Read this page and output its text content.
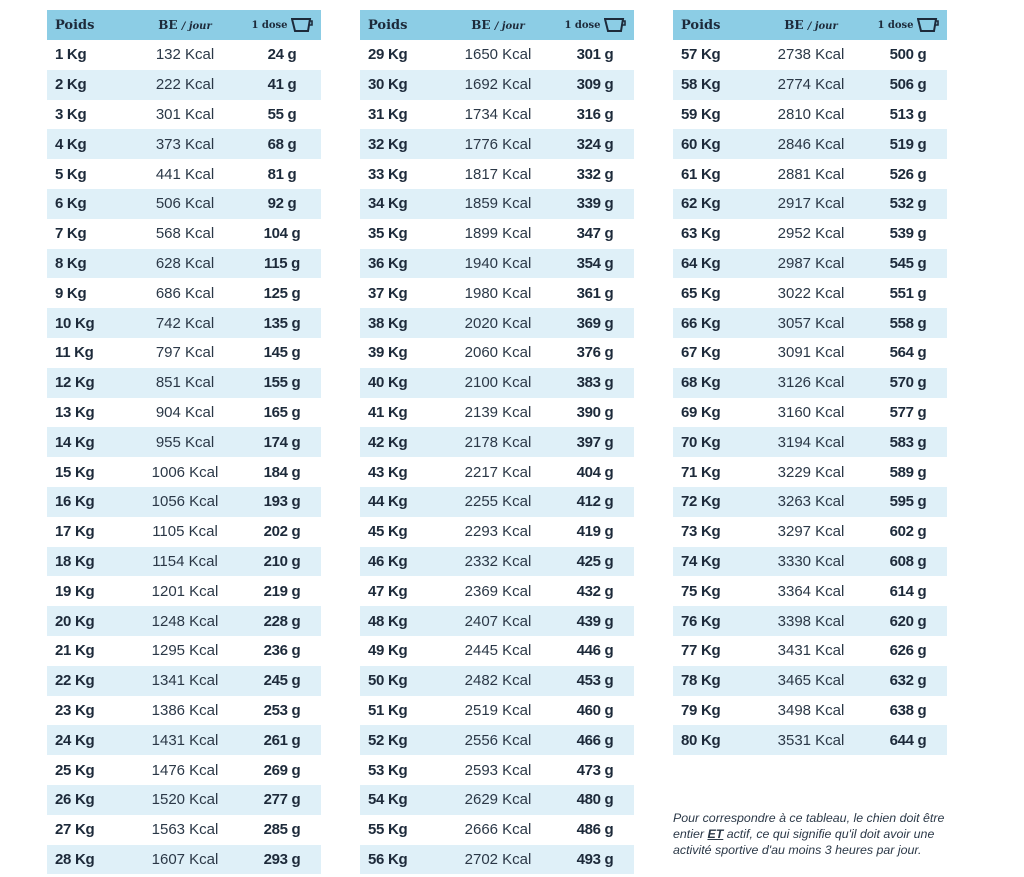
Poids	BE / jour	1 dose
1 Kg	132 Kcal	24 g
2 Kg	222 Kcal	41 g
3 Kg	301 Kcal	55 g
4 Kg	373 Kcal	68 g
5 Kg	441 Kcal	81 g
6 Kg	506 Kcal	92 g
7 Kg	568 Kcal	104 g
8 Kg	628 Kcal	115 g
9 Kg	686 Kcal	125 g
10 Kg	742 Kcal	135 g
11 Kg	797 Kcal	145 g
12 Kg	851 Kcal	155 g
13 Kg	904 Kcal	165 g
14 Kg	955 Kcal	174 g
15 Kg	1006 Kcal	184 g
16 Kg	1056 Kcal	193 g
17 Kg	1105 Kcal	202 g
18 Kg	1154 Kcal	210 g
19 Kg	1201 Kcal	219 g
20 Kg	1248 Kcal	228 g
21 Kg	1295 Kcal	236 g
22 Kg	1341 Kcal	245 g
23 Kg	1386 Kcal	253 g
24 Kg	1431 Kcal	261 g
25 Kg	1476 Kcal	269 g
26 Kg	1520 Kcal	277 g
27 Kg	1563 Kcal	285 g
28 Kg	1607 Kcal	293 g
Poids	BE / jour	1 dose
29 Kg	1650 Kcal	301 g
30 Kg	1692 Kcal	309 g
31 Kg	1734 Kcal	316 g
32 Kg	1776 Kcal	324 g
33 Kg	1817 Kcal	332 g
34 Kg	1859 Kcal	339 g
35 Kg	1899 Kcal	347 g
36 Kg	1940 Kcal	354 g
37 Kg	1980 Kcal	361 g
38 Kg	2020 Kcal	369 g
39 Kg	2060 Kcal	376 g
40 Kg	2100 Kcal	383 g
41 Kg	2139 Kcal	390 g
42 Kg	2178 Kcal	397 g
43 Kg	2217 Kcal	404 g
44 Kg	2255 Kcal	412 g
45 Kg	2293 Kcal	419 g
46 Kg	2332 Kcal	425 g
47 Kg	2369 Kcal	432 g
48 Kg	2407 Kcal	439 g
49 Kg	2445 Kcal	446 g
50 Kg	2482 Kcal	453 g
51 Kg	2519 Kcal	460 g
52 Kg	2556 Kcal	466 g
53 Kg	2593 Kcal	473 g
54 Kg	2629 Kcal	480 g
55 Kg	2666 Kcal	486 g
56 Kg	2702 Kcal	493 g
Poids	BE / jour	1 dose
57 Kg	2738 Kcal	500 g
58 Kg	2774 Kcal	506 g
59 Kg	2810 Kcal	513 g
60 Kg	2846 Kcal	519 g
61 Kg	2881 Kcal	526 g
62 Kg	2917 Kcal	532 g
63 Kg	2952 Kcal	539 g
64 Kg	2987 Kcal	545 g
65 Kg	3022 Kcal	551 g
66 Kg	3057 Kcal	558 g
67 Kg	3091 Kcal	564 g
68 Kg	3126 Kcal	570 g
69 Kg	3160 Kcal	577 g
70 Kg	3194 Kcal	583 g
71 Kg	3229 Kcal	589 g
72 Kg	3263 Kcal	595 g
73 Kg	3297 Kcal	602 g
74 Kg	3330 Kcal	608 g
75 Kg	3364 Kcal	614 g
76 Kg	3398 Kcal	620 g
77 Kg	3431 Kcal	626 g
78 Kg	3465 Kcal	632 g
79 Kg	3498 Kcal	638 g
80 Kg	3531 Kcal	644 g
Pour correspondre à ce tableau, le chien doit être entier ET actif, ce qui signifie qu'il doit avoir une activité sportive d'au moins 3 heures par jour.
